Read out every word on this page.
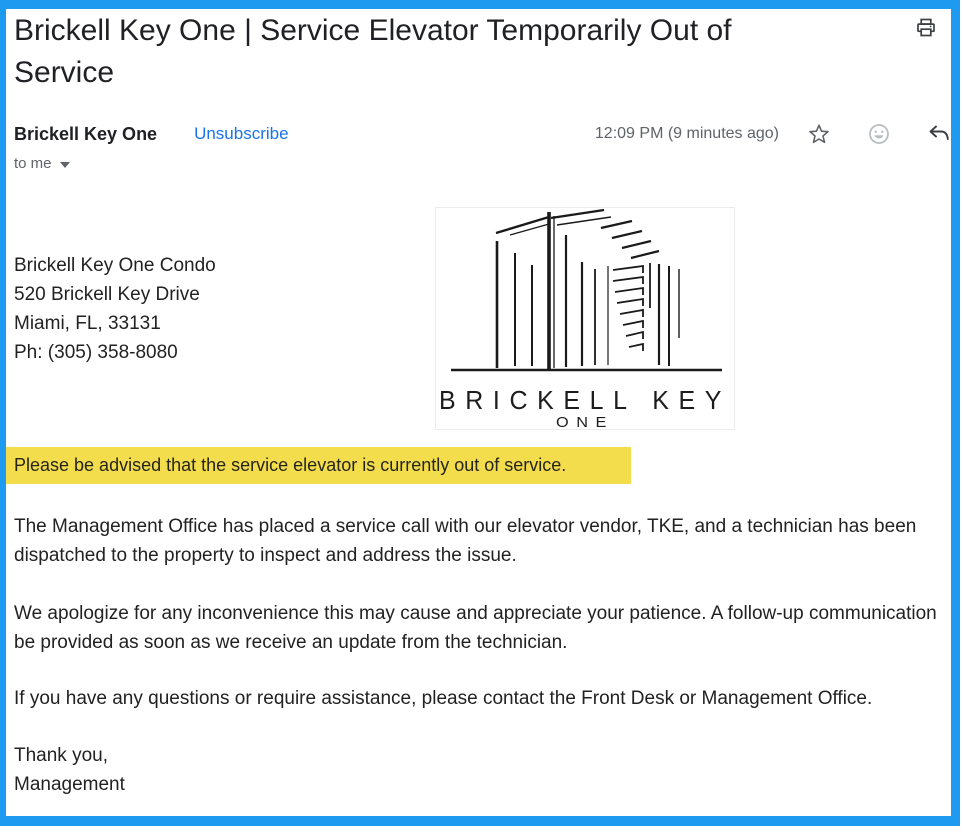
Brickell Key One | Service Elevator Temporarily Out of Service
Brickell Key One Unsubscribe	12:09 PM (9 minutes ago)
to me
Brickell Key One Condo
520 Brickell Key Drive
Miami, FL, 33131
Ph: (305) 358-8080
BRICKELL KEY
ONE
Please be advised that the service elevator is currently out of service.
The Management Office has placed a service call with our elevator vendor, TKE, and a technician has been
dispatched to the property to inspect and address the issue.
We apologize for any inconvenience this may cause and appreciate your patience. A follow-up communication
be provided as soon as we receive an update from the technician.
If you have any questions or require assistance, please contact the Front Desk or Management Office.
Thank you,
Management
